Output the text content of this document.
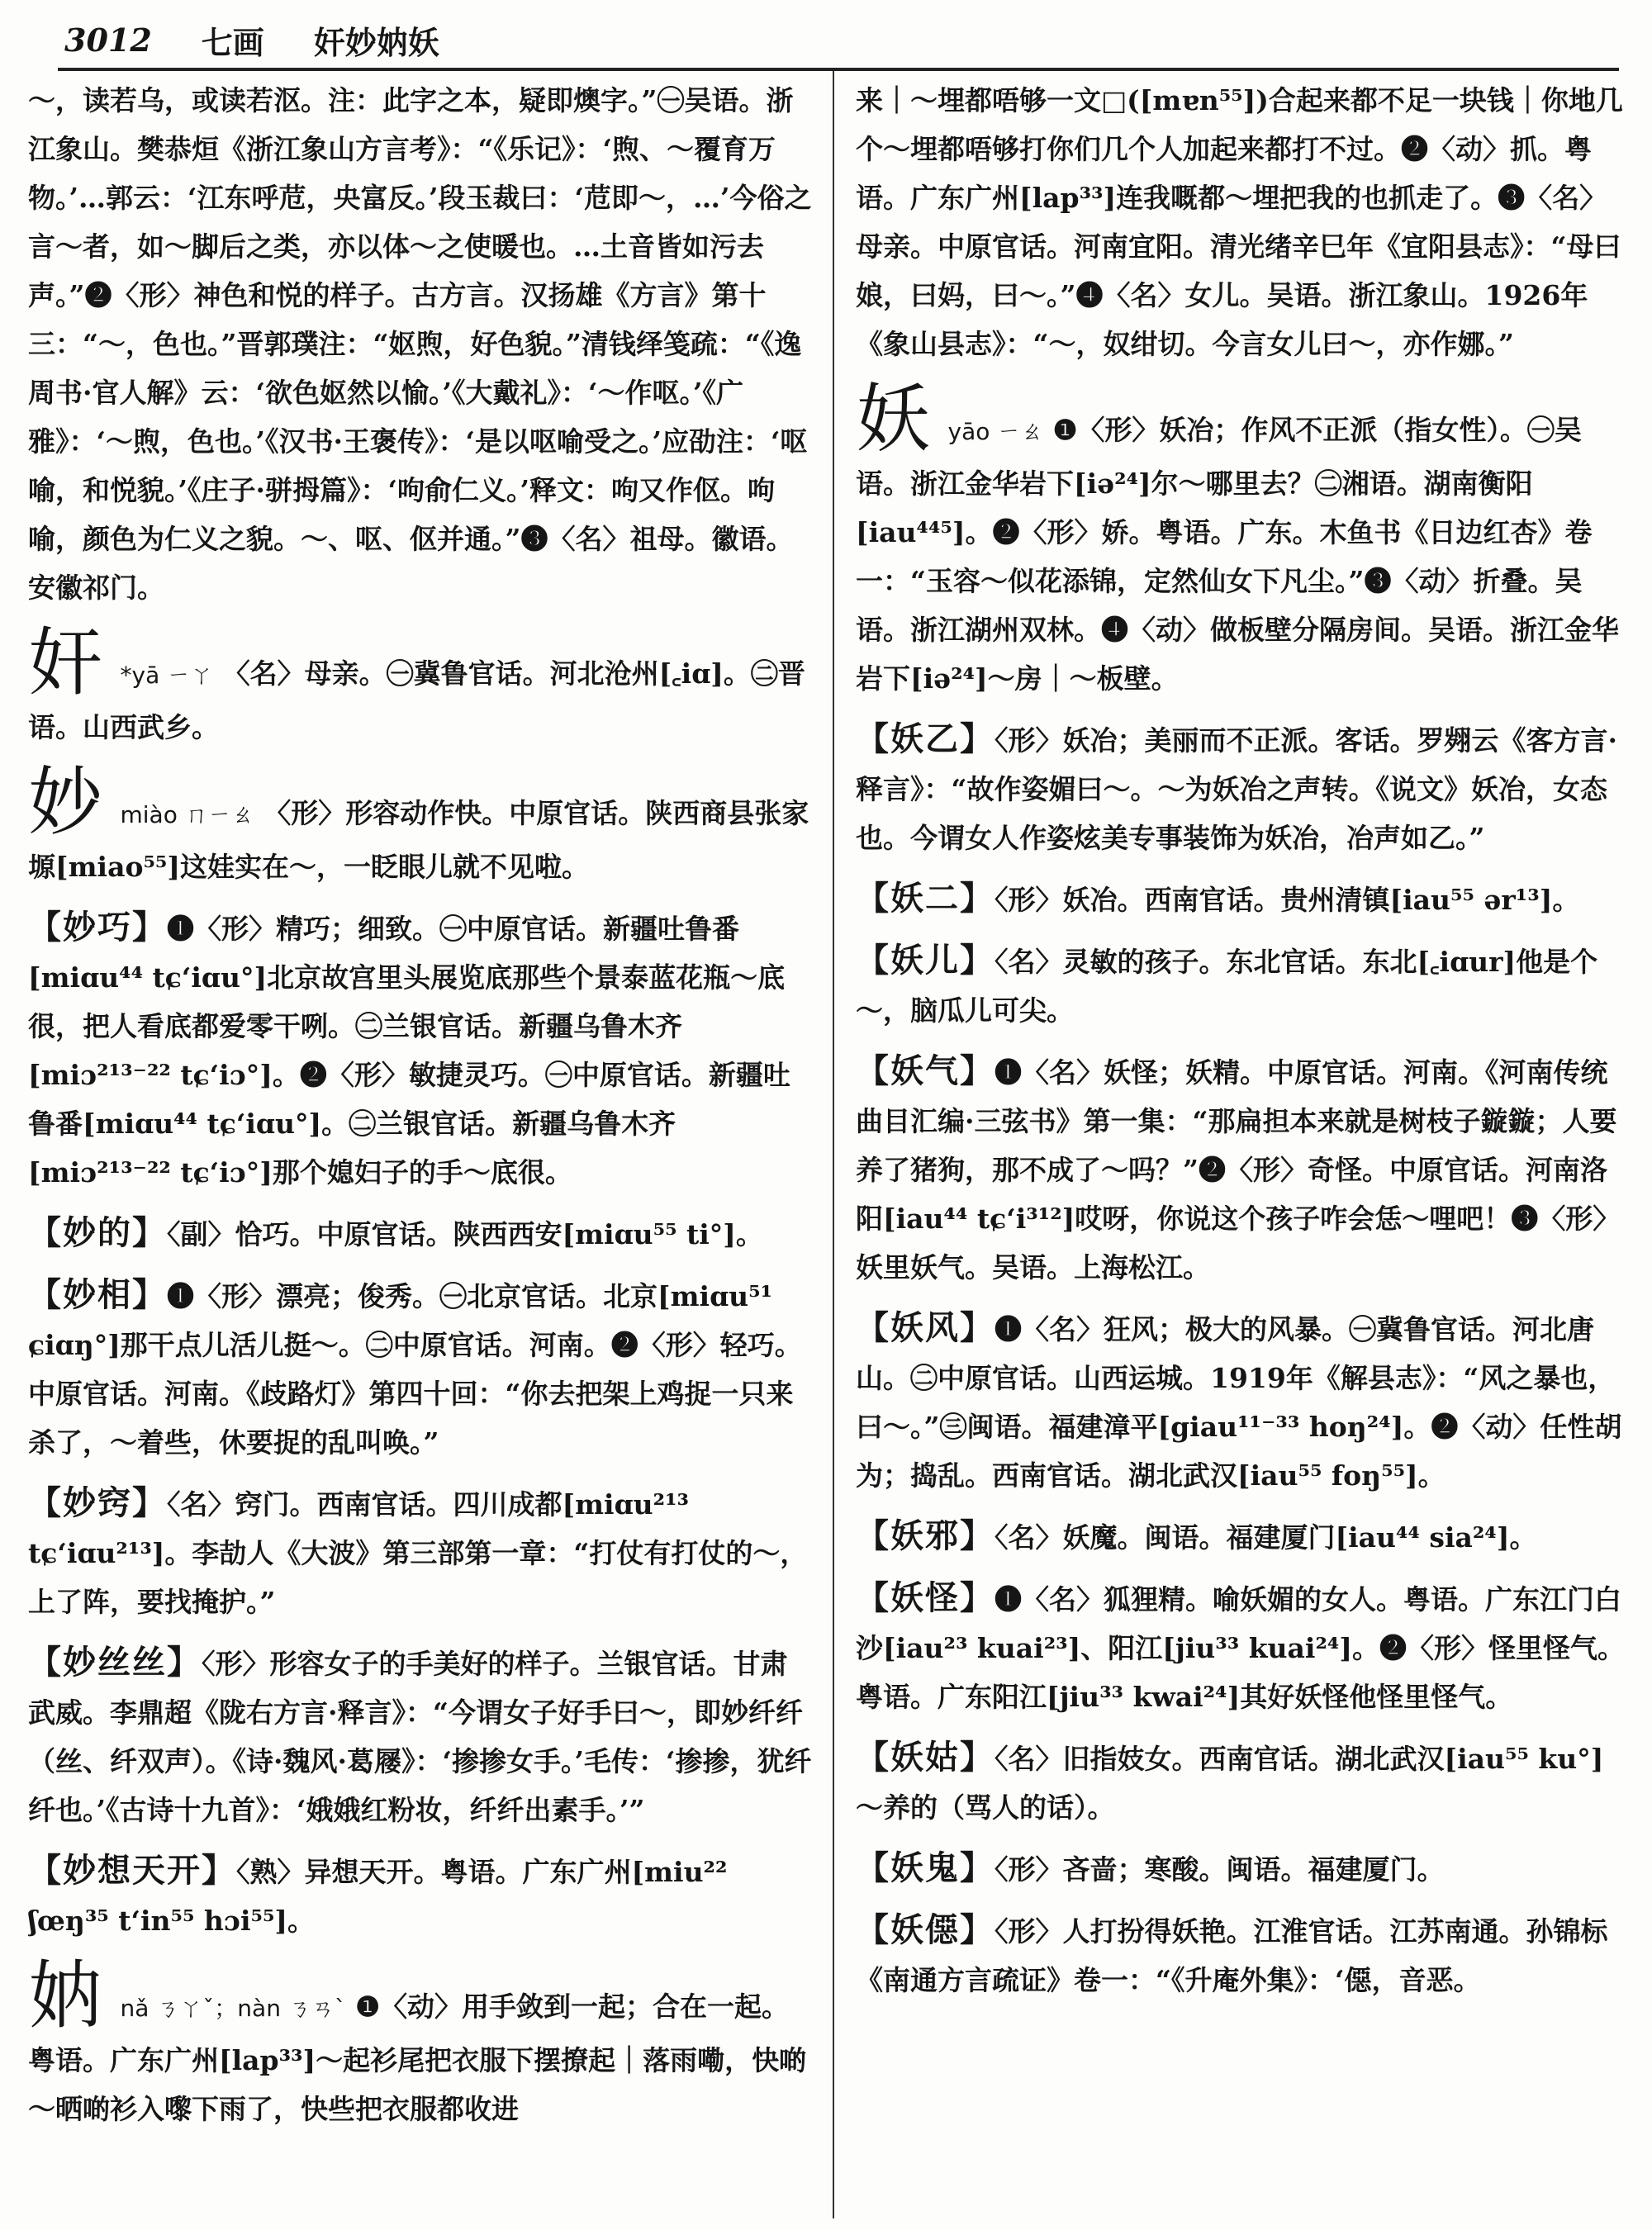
3012 七画 奸妙妠妖

～，读若乌，或读若沤。注：此字之本，疑即燠字。”㊀吴语。浙江象山。樊恭烜《浙江象山方言考》：“《乐记》：‘煦、～覆育万物。’…郭云：‘江东呼苊，央富反。’段玉裁曰：‘苊即～，…’今俗之言～者，如～脚后之类，亦以体～之使暖也。…土音皆如污去声。”❷〈形〉神色和悦的样子。古方言。汉扬雄《方言》第十三：“～，色也。”晋郭璞注：“妪煦，好色貌。”清钱绎笺疏：“《逸周书·官人解》云：‘欲色妪然以愉。’《大戴礼》：‘～作呕。’《广雅》：‘～煦，色也。’《汉书·王褒传》：‘是以呕喻受之。’应劭注：‘呕喻，和悦貌。’《庄子·骈拇篇》：‘呴俞仁义。’释文：呴又作伛。呴喻，颜色为仁义之貌。～、呕、伛并通。”❸〈名〉祖母。徽语。安徽祁门。

奸 *yā ㄧㄚ 〈名〉母亲。㊀冀鲁官话。河北沧州[꜀iɑ]。㊁晋语。山西武乡。

妙 miào ㄇㄧㄠ 〈形〉形容动作快。中原官话。陕西商县张家塬[miao⁵⁵]这娃实在～，一眨眼儿就不见啦。

【妙巧】❶〈形〉精巧；细致。㊀中原官话。新疆吐鲁番[miɑu⁴⁴ tɕʻiɑu°]北京故宫里头展览底那些个景泰蓝花瓶～底很，把人看底都爱零干咧。㊁兰银官话。新疆乌鲁木齐[miɔ²¹³⁻²² tɕʻiɔ°]。❷〈形〉敏捷灵巧。㊀中原官话。新疆吐鲁番[miɑu⁴⁴ tɕʻiɑu°]。㊁兰银官话。新疆乌鲁木齐[miɔ²¹³⁻²² tɕʻiɔ°]那个媳妇子的手～底很。

【妙的】〈副〉恰巧。中原官话。陕西西安[miɑu⁵⁵ ti°]。

【妙相】❶〈形〉漂亮；俊秀。㊀北京官话。北京[miɑu⁵¹ ɕiɑŋ°]那干点儿活儿挺～。㊁中原官话。河南。❷〈形〉轻巧。中原官话。河南。《歧路灯》第四十回：“你去把架上鸡捉一只来杀了，～着些，休要捉的乱叫唤。”

【妙窍】〈名〉窍门。西南官话。四川成都[miɑu²¹³ tɕʻiɑu²¹³]。李劼人《大波》第三部第一章：“打仗有打仗的～，上了阵，要找掩护。”

【妙丝丝】〈形〉形容女子的手美好的样子。兰银官话。甘肃武威。李鼎超《陇右方言·释言》：“今谓女子好手曰～，即妙纤纤（丝、纤双声）。《诗·魏风·葛屦》：‘掺掺女手。’毛传：‘掺掺，犹纤纤也。’《古诗十九首》：‘娥娥红粉妆，纤纤出素手。’”

【妙想天开】〈熟〉异想天开。粤语。广东广州[miu²² ʃœŋ³⁵ tʻin⁵⁵ hɔi⁵⁵]。

妠 nǎ ㄋㄚˇ；nàn ㄋㄢˋ ❶〈动〉用手敛到一起；合在一起。粤语。广东广州[lap³³]～起衫尾把衣服下摆撩起｜落雨嘞，快啲～晒啲衫入嚟下雨了，快些把衣服都收进

来｜～埋都唔够一文□([mɐn⁵⁵])合起来都不足一块钱｜你地几个～埋都唔够打你们几个人加起来都打不过。❷〈动〉抓。粤语。广东广州[lap³³]连我嘅都～埋把我的也抓走了。❸〈名〉母亲。中原官话。河南宜阳。清光绪辛巳年《宜阳县志》：“母曰娘，曰妈，曰～。”❹〈名〉女儿。吴语。浙江象山。1926年《象山县志》：“～，奴绀切。今言女儿曰～，亦作娜。”

妖 yāo ㄧㄠ ❶〈形〉妖冶；作风不正派（指女性）。㊀吴语。浙江金华岩下[iə²⁴]尔～哪里去？㊁湘语。湖南衡阳[iau⁴⁴⁵]。❷〈形〉娇。粤语。广东。木鱼书《日边红杏》卷一：“玉容～似花添锦，定然仙女下凡尘。”❸〈动〉折叠。吴语。浙江湖州双林。❹〈动〉做板壁分隔房间。吴语。浙江金华岩下[iə²⁴]～房｜～板壁。

【妖乙】〈形〉妖冶；美丽而不正派。客话。罗翙云《客方言·释言》：“故作姿媚曰～。～为妖冶之声转。《说文》妖冶，女态也。今谓女人作姿炫美专事装饰为妖冶，冶声如乙。”

【妖二】〈形〉妖冶。西南官话。贵州清镇[iau⁵⁵ ər¹³]。

【妖儿】〈名〉灵敏的孩子。东北官话。东北[꜀iɑur]他是个～，脑瓜儿可尖。

【妖气】❶〈名〉妖怪；妖精。中原官话。河南。《河南传统曲目汇编·三弦书》第一集：“那扁担本来就是树枝子鏇鏇；人要养了猪狗，那不成了～吗？”❷〈形〉奇怪。中原官话。河南洛阳[iau⁴⁴ tɕʻi³¹²]哎呀，你说这个孩子咋会恁～哩吧！❸〈形〉妖里妖气。吴语。上海松江。

【妖风】❶〈名〉狂风；极大的风暴。㊀冀鲁官话。河北唐山。㊁中原官话。山西运城。1919年《解县志》：“风之暴也，曰～。”㊂闽语。福建漳平[giau¹¹⁻³³ hoŋ²⁴]。❷〈动〉任性胡为；捣乱。西南官话。湖北武汉[iau⁵⁵ foŋ⁵⁵]。

【妖邪】〈名〉妖魔。闽语。福建厦门[iau⁴⁴ sia²⁴]。

【妖怪】❶〈名〉狐狸精。喻妖媚的女人。粤语。广东江门白沙[iau²³ kuai²³]、阳江[jiu³³ kuai²⁴]。❷〈形〉怪里怪气。粤语。广东阳江[jiu³³ kwai²⁴]其好妖怪他怪里怪气。

【妖姑】〈名〉旧指妓女。西南官话。湖北武汉[iau⁵⁵ ku°]～养的（骂人的话）。

【妖鬼】〈形〉吝啬；寒酸。闽语。福建厦门。

【妖僫】〈形〉人打扮得妖艳。江淮官话。江苏南通。孙锦标《南通方言疏证》卷一：“《升庵外集》：‘僫，音恶。
